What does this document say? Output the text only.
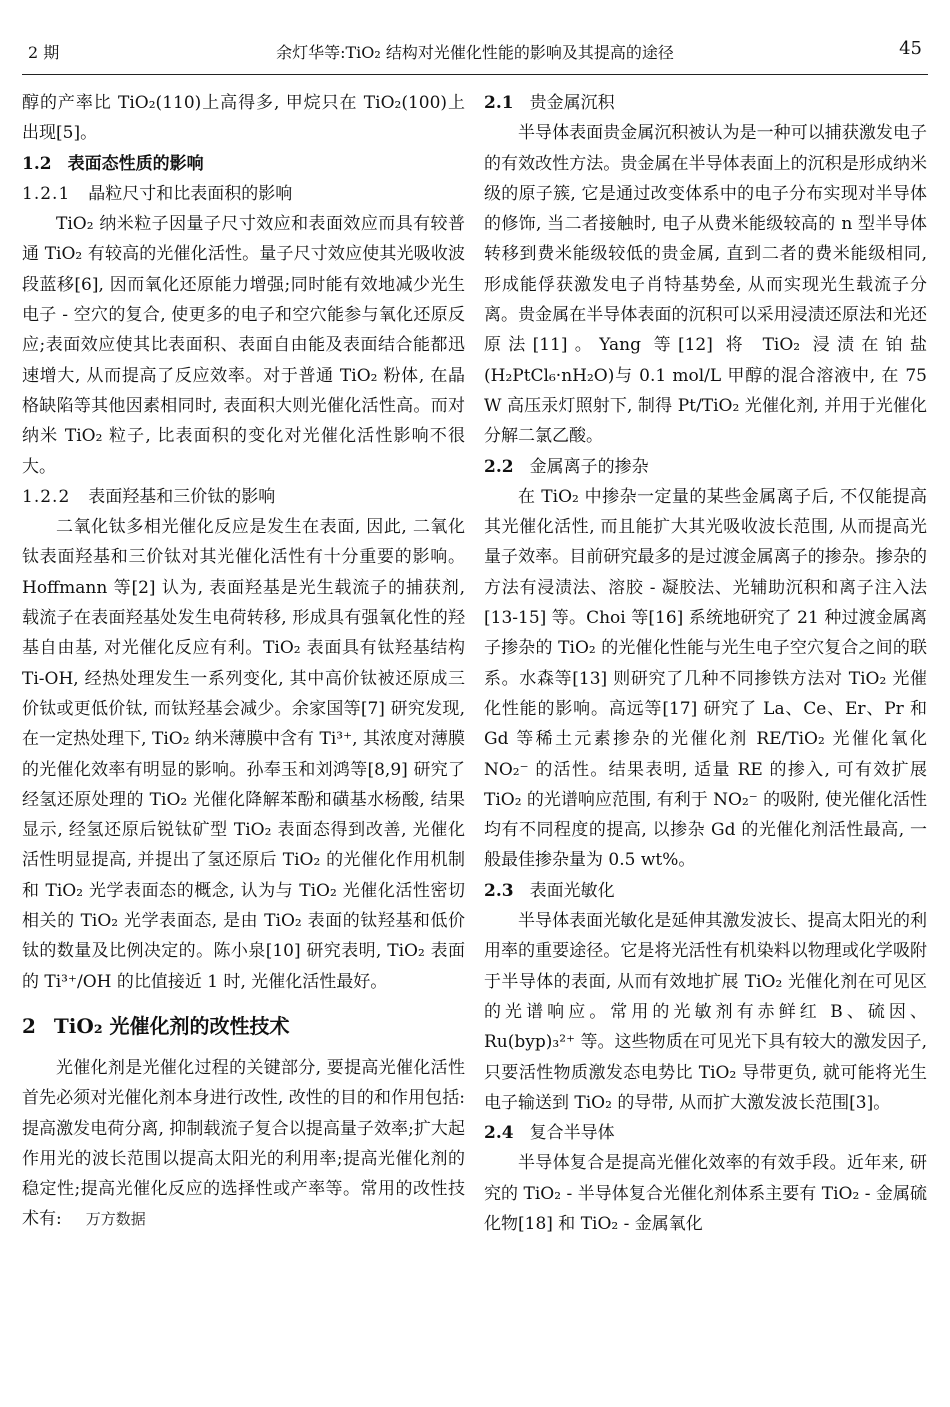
2 期	余灯华等:TiO₂ 结构对光催化性能的影响及其提高的途径	45

醇的产率比 TiO₂(110)上高得多, 甲烷只在 TiO₂(100)上出现[5]。

1.2 表面态性质的影响

1.2.1 晶粒尺寸和比表面积的影响

TiO₂ 纳米粒子因量子尺寸效应和表面效应而具有较普通 TiO₂ 有较高的光催化活性。量子尺寸效应使其光吸收波段蓝移[6], 因而氧化还原能力增强;同时能有效地减少光生电子 - 空穴的复合, 使更多的电子和空穴能参与氧化还原反应;表面效应使其比表面积、表面自由能及表面结合能都迅速增大, 从而提高了反应效率。对于普通 TiO₂ 粉体, 在晶格缺陷等其他因素相同时, 表面积大则光催化活性高。而对纳米 TiO₂ 粒子, 比表面积的变化对光催化活性影响不很大。

1.2.2 表面羟基和三价钛的影响

二氧化钛多相光催化反应是发生在表面, 因此, 二氧化钛表面羟基和三价钛对其光催化活性有十分重要的影响。Hoffmann 等[2] 认为, 表面羟基是光生载流子的捕获剂, 载流子在表面羟基处发生电荷转移, 形成具有强氧化性的羟基自由基, 对光催化反应有利。TiO₂ 表面具有钛羟基结构 Ti-OH, 经热处理发生一系列变化, 其中高价钛被还原成三价钛或更低价钛, 而钛羟基会减少。余家国等[7] 研究发现, 在一定热处理下, TiO₂ 纳米薄膜中含有 Ti³⁺, 其浓度对薄膜的光催化效率有明显的影响。孙奉玉和刘鸿等[8,9] 研究了经氢还原处理的 TiO₂ 光催化降解苯酚和磺基水杨酸, 结果显示, 经氢还原后锐钛矿型 TiO₂ 表面态得到改善, 光催化活性明显提高, 并提出了氢还原后 TiO₂ 的光催化作用机制和 TiO₂ 光学表面态的概念, 认为与 TiO₂ 光催化活性密切相关的 TiO₂ 光学表面态, 是由 TiO₂ 表面的钛羟基和低价钛的数量及比例决定的。陈小泉[10] 研究表明, TiO₂ 表面的 Ti³⁺/OH 的比值接近 1 时, 光催化活性最好。

2 TiO₂ 光催化剂的改性技术

光催化剂是光催化过程的关键部分, 要提高光催化活性首先必须对光催化剂本身进行改性, 改性的目的和作用包括:提高激发电荷分离, 抑制载流子复合以提高量子效率;扩大起作用光的波长范围以提高太阳光的利用率;提高光催化剂的稳定性;提高光催化反应的选择性或产率等。常用的改性技术有: 万方数据

2.1 贵金属沉积

半导体表面贵金属沉积被认为是一种可以捕获激发电子的有效改性方法。贵金属在半导体表面上的沉积是形成纳米级的原子簇, 它是通过改变体系中的电子分布实现对半导体的修饰, 当二者接触时, 电子从费米能级较高的 n 型半导体转移到费米能级较低的贵金属, 直到二者的费米能级相同, 形成能俘获激发电子肖特基势垒, 从而实现光生载流子分离。贵金属在半导体表面的沉积可以采用浸渍还原法和光还原法[11]。Yang 等[12] 将 TiO₂ 浸渍在铂盐(H₂PtCl₆·nH₂O)与 0.1 mol/L 甲醇的混合溶液中, 在 75 W 高压汞灯照射下, 制得 Pt/TiO₂ 光催化剂, 并用于光催化分解二氯乙酸。

2.2 金属离子的掺杂

在 TiO₂ 中掺杂一定量的某些金属离子后, 不仅能提高其光催化活性, 而且能扩大其光吸收波长范围, 从而提高光量子效率。目前研究最多的是过渡金属离子的掺杂。掺杂的方法有浸渍法、溶胶 - 凝胶法、光辅助沉积和离子注入法[13-15] 等。Choi 等[16] 系统地研究了 21 种过渡金属离子掺杂的 TiO₂ 的光催化性能与光生电子空穴复合之间的联系。水森等[13] 则研究了几种不同掺铁方法对 TiO₂ 光催化性能的影响。高远等[17] 研究了 La、Ce、Er、Pr 和 Gd 等稀土元素掺杂的光催化剂 RE/TiO₂ 光催化氧化 NO₂⁻ 的活性。结果表明, 适量 RE 的掺入, 可有效扩展 TiO₂ 的光谱响应范围, 有利于 NO₂⁻ 的吸附, 使光催化活性均有不同程度的提高, 以掺杂 Gd 的光催化剂活性最高, 一般最佳掺杂量为 0.5 wt%。

2.3 表面光敏化

半导体表面光敏化是延伸其激发波长、提高太阳光的利用率的重要途径。它是将光活性有机染料以物理或化学吸附于半导体的表面, 从而有效地扩展 TiO₂ 光催化剂在可见区的光谱响应。常用的光敏剂有赤鲜红 B、硫因、Ru(byp)₃²⁺ 等。这些物质在可见光下具有较大的激发因子, 只要活性物质激发态电势比 TiO₂ 导带更负, 就可能将光生电子输送到 TiO₂ 的导带, 从而扩大激发波长范围[3]。

2.4 复合半导体

半导体复合是提高光催化效率的有效手段。近年来, 研究的 TiO₂ - 半导体复合光催化剂体系主要有 TiO₂ - 金属硫化物[18] 和 TiO₂ - 金属氧化
